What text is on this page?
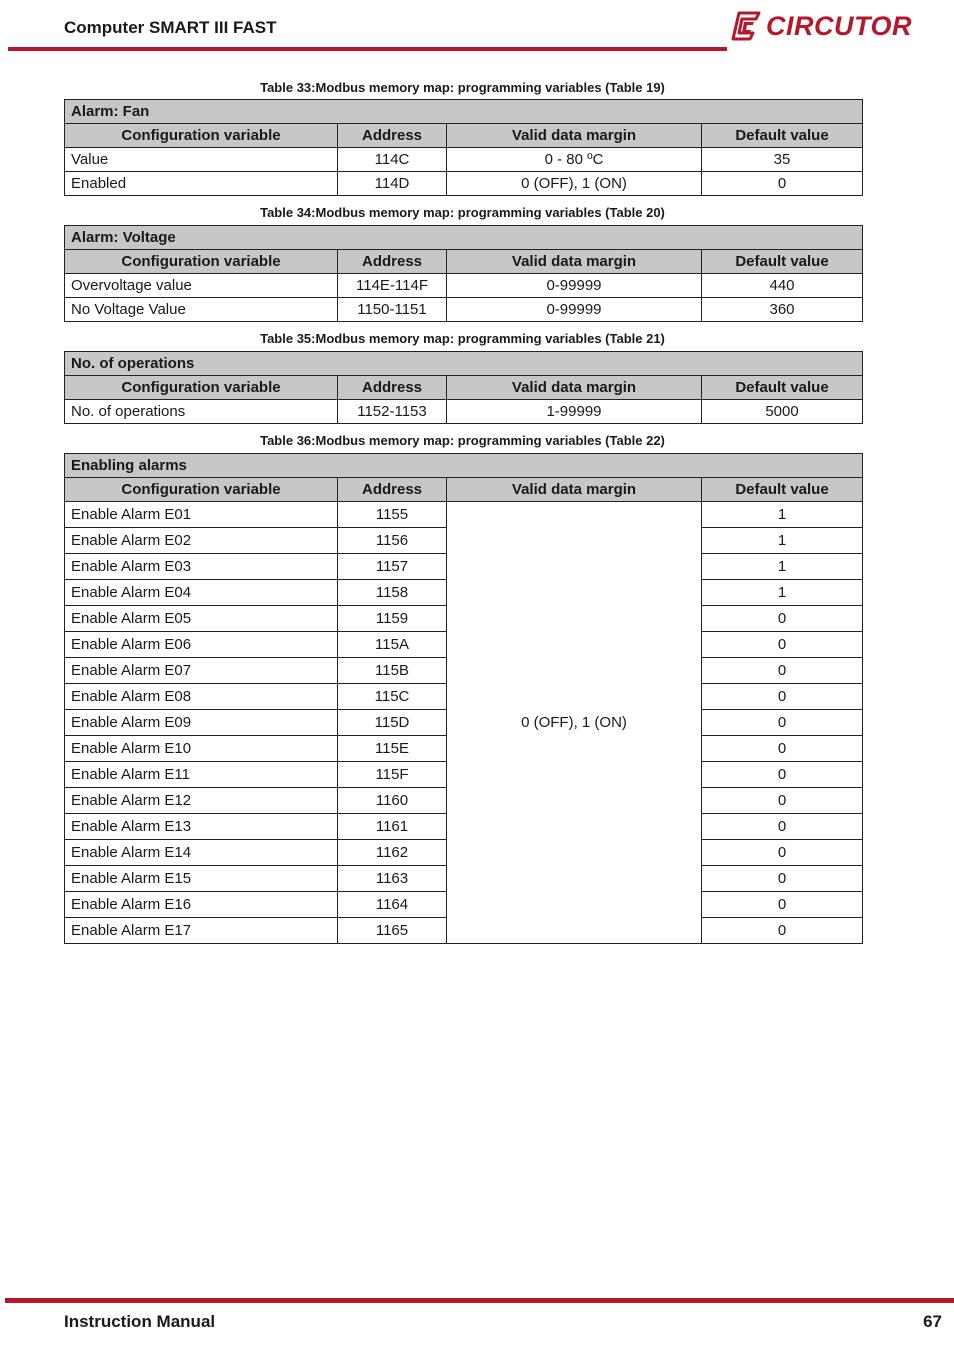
Computer SMART III FAST	CIRCUTOR
Table 33:Modbus memory map: programming variables (Table 19)
Alarm: Fan			
Configuration variable	Address	Valid data margin	Default value
Value	114C	0 - 80 ºC	35
Enabled	114D	0 (OFF), 1 (ON)	0
Table 34:Modbus memory map: programming variables (Table 20)
Alarm: Voltage			
Configuration variable	Address	Valid data margin	Default value
Overvoltage value	114E-114F	0-99999	440
No Voltage Value	1150-1151	0-99999	360
Table 35:Modbus memory map: programming variables (Table 21)
No. of operations			
Configuration variable	Address	Valid data margin	Default value
No. of operations	1152-1153	1-99999	5000
Table 36:Modbus memory map: programming variables (Table 22)
Enabling alarms			
Configuration variable	Address	Valid data margin	Default value
Enable Alarm E01	1155	0 (OFF), 1 (ON)	1
Enable Alarm E02	1156		1
Enable Alarm E03	1157		1
Enable Alarm E04	1158		1
Enable Alarm E05	1159		0
Enable Alarm E06	115A		0
Enable Alarm E07	115B		0
Enable Alarm E08	115C		0
Enable Alarm E09	115D		0
Enable Alarm E10	115E		0
Enable Alarm E11	115F		0
Enable Alarm E12	1160		0
Enable Alarm E13	1161		0
Enable Alarm E14	1162		0
Enable Alarm E15	1163		0
Enable Alarm E16	1164		0
Enable Alarm E17	1165		0
Instruction Manual	67
